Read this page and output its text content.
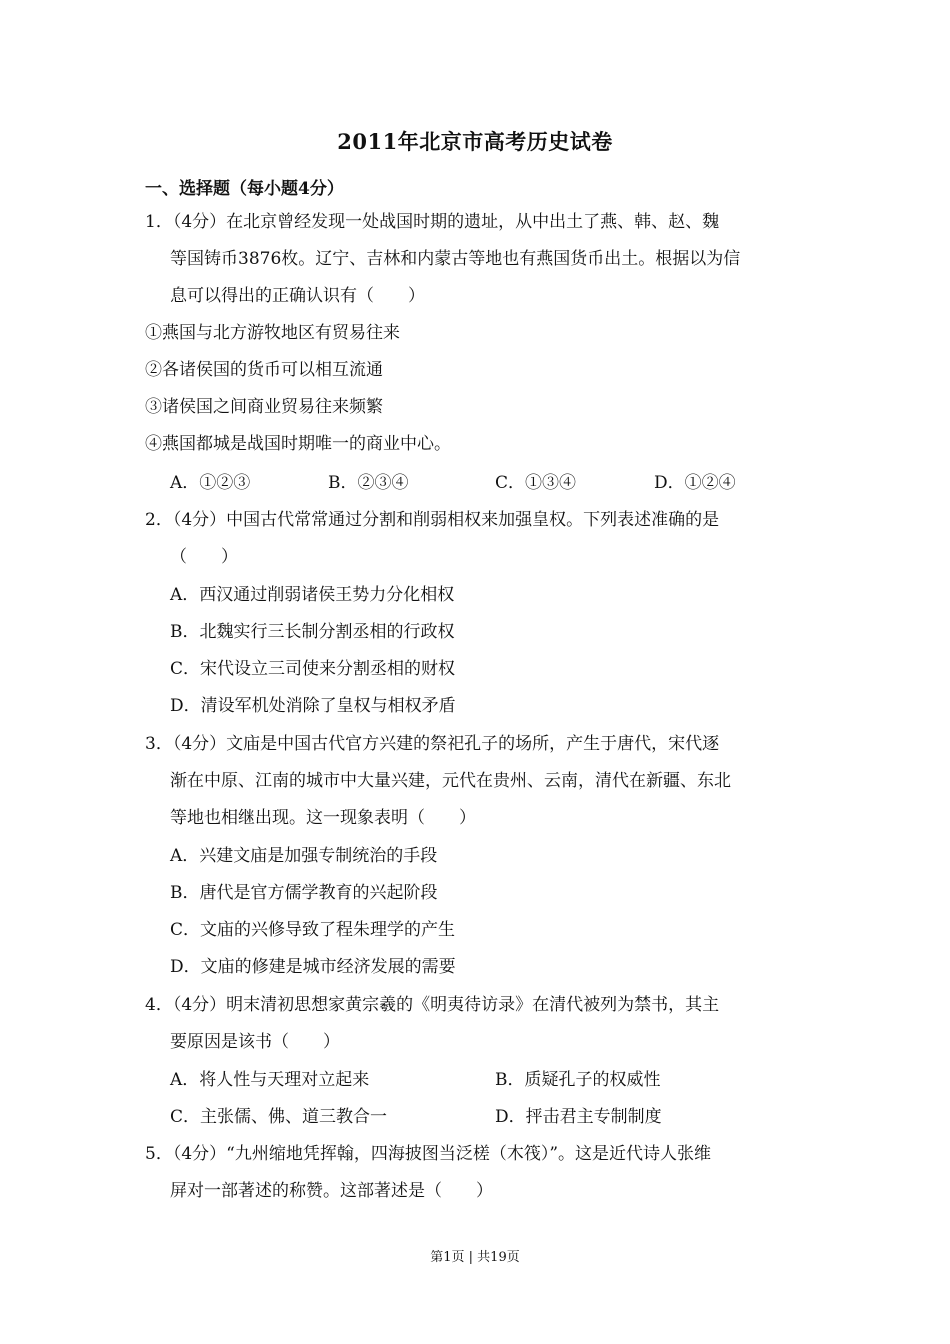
2011年北京市高考历史试卷
一、选择题（每小题4分）
1．（4分）在北京曾经发现一处战国时期的遗址，从中出土了燕、韩、赵、魏
等国铸币3876枚。辽宁、吉林和内蒙古等地也有燕国货币出土。根据以为信
息可以得出的正确认识有（　　）
①燕国与北方游牧地区有贸易往来
②各诸侯国的货币可以相互流通
③诸侯国之间商业贸易往来频繁
④燕国都城是战国时期唯一的商业中心。
A．①②③	B．②③④	C．①③④	D．①②④
2．（4分）中国古代常常通过分割和削弱相权来加强皇权。下列表述准确的是
（　　）
A．西汉通过削弱诸侯王势力分化相权
B．北魏实行三长制分割丞相的行政权
C．宋代设立三司使来分割丞相的财权
D．清设军机处消除了皇权与相权矛盾
3．（4分）文庙是中国古代官方兴建的祭祀孔子的场所，产生于唐代，宋代逐
渐在中原、江南的城市中大量兴建，元代在贵州、云南，清代在新疆、东北
等地也相继出现。这一现象表明（　　）
A．兴建文庙是加强专制统治的手段
B．唐代是官方儒学教育的兴起阶段
C．文庙的兴修导致了程朱理学的产生
D．文庙的修建是城市经济发展的需要
4．（4分）明末清初思想家黄宗羲的《明夷待访录》在清代被列为禁书，其主
要原因是该书（　　）
A．将人性与天理对立起来	B．质疑孔子的权威性
C．主张儒、佛、道三教合一	D．抨击君主专制制度
5．（4分）“九州缩地凭挥翰，四海披图当泛槎（木筏）”。这是近代诗人张维
屏对一部著述的称赞。这部著述是（　　）
第1页 | 共19页
